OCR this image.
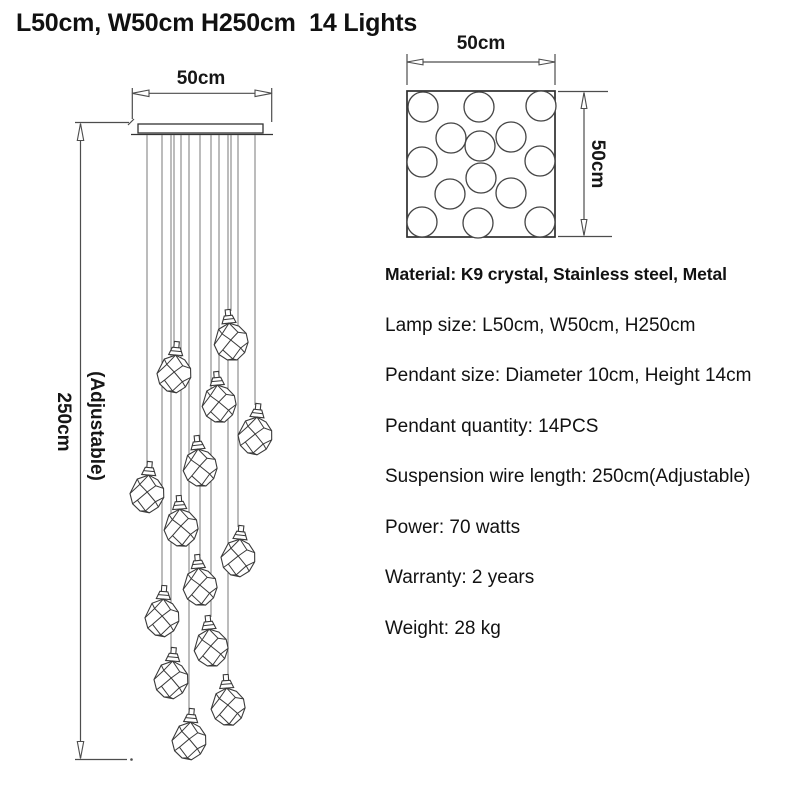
L50cm, W50cm H250cm  14 Lights
50cm
250cm (Adjustable)
50cm
50cm
Material: K9 crystal, Stainless steel, Metal
Lamp size: L50cm, W50cm, H250cm
Pendant size: Diameter 10cm, Height 14cm
Pendant quantity: 14PCS
Suspension wire length: 250cm(Adjustable)
Power: 70 watts
Warranty: 2 years
Weight: 28 kg
